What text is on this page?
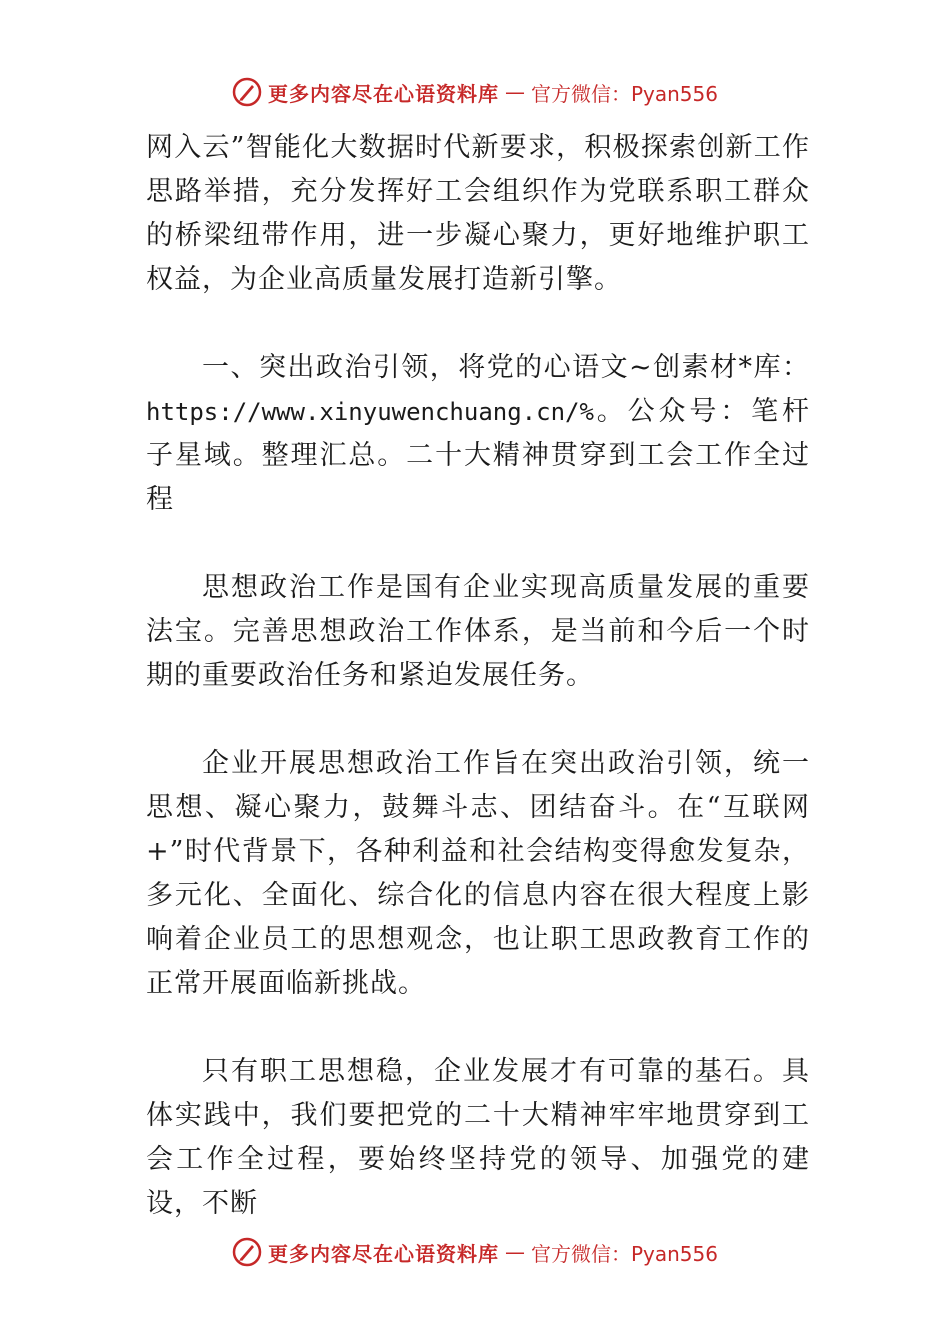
更多内容尽在心语资料库 — 官方微信：Pyan556

网入云”智能化大数据时代新要求，积极探索创新工作思路举措，充分发挥好工会组织作为党联系职工群众的桥梁纽带作用，进一步凝心聚力，更好地维护职工权益，为企业高质量发展打造新引擎。

一、突出政治引领，将党的心语文~创素材*库：https://www.xinyuwenchuang.cn/%。公众号：笔杆子星域。整理汇总。二十大精神贯穿到工会工作全过程

思想政治工作是国有企业实现高质量发展的重要法宝。完善思想政治工作体系，是当前和今后一个时期的重要政治任务和紧迫发展任务。

企业开展思想政治工作旨在突出政治引领，统一思想、凝心聚力，鼓舞斗志、团结奋斗。在“互联网+”时代背景下，各种利益和社会结构变得愈发复杂，多元化、全面化、综合化的信息内容在很大程度上影响着企业员工的思想观念，也让职工思政教育工作的正常开展面临新挑战。

只有职工思想稳，企业发展才有可靠的基石。具体实践中，我们要把党的二十大精神牢牢地贯穿到工会工作全过程，要始终坚持党的领导、加强党的建设，不断

更多内容尽在心语资料库 — 官方微信：Pyan556
